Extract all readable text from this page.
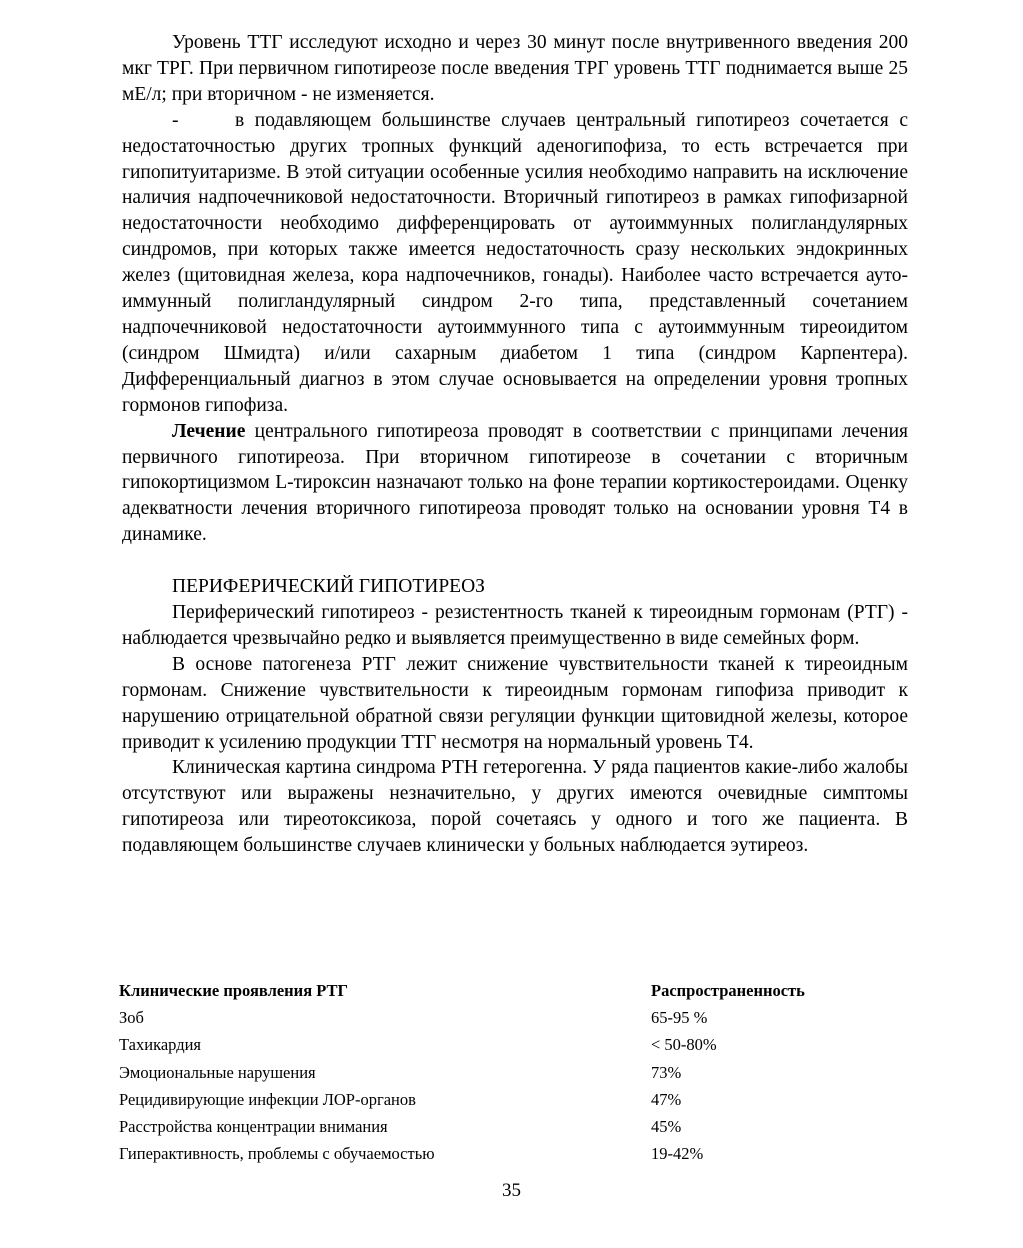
Уровень ТТГ исследуют исходно и через 30 минут после внутривенного введения 200 мкг ТРГ. При первичном гипотиреозе после введения ТРГ уровень ТТГ поднимается выше 25 мЕ/л; при вторичном - не изменяется.

-	в подавляющем большинстве случаев центральный гипотиреоз сочетается с недостаточностью других тропных функций аденогипофиза, то есть встречается при гипопитуитаризме. В этой ситуации особенные усилия необходимо направить на исключение наличия надпочечниковой недостаточности. Вторичный гипотиреоз в рамках гипофизарной недостаточности необходимо дифференцировать от аутоиммунных полигландулярных синдромов, при которых также имеется недостаточность сразу нескольких эндокринных желез (щитовидная железа, кора надпочечников, гонады). Наиболее часто встречается аутоиммунный полигландулярный синдром 2-го типа, представленный сочетанием надпочечниковой недостаточности аутоиммунного типа с аутоиммунным тиреоидитом (синдром Шмидта) и/или сахарным диабетом 1 типа (синдром Карпентера). Дифференциальный диагноз в этом случае основывается на определении уровня тропных гормонов гипофиза.

Лечение центрального гипотиреоза проводят в соответствии с принципами лечения первичного гипотиреоза. При вторичном гипотиреозе в сочетании с вторичным гипокортицизмом L-тироксин назначают только на фоне терапии кортикостероидами. Оценку адекватности лечения вторичного гипотиреоза проводят только на основании уровня Т4 в динамике.

ПЕРИФЕРИЧЕСКИЙ ГИПОТИРЕОЗ

Периферический гипотиреоз - резистентность тканей к тиреоидным гормонам (РТГ) - наблюдается чрезвычайно редко и выявляется преимущественно в виде семейных форм.

В основе патогенеза РТГ лежит снижение чувствительности тканей к тиреоидным гормонам. Снижение чувствительности к тиреоидным гормонам гипофиза приводит к нарушению отрицательной обратной связи регуляции функции щитовидной железы, которое приводит к усилению продукции ТТГ несмотря на нормальный уровень Т4.

Клиническая картина синдрома РТН гетерогенна. У ряда пациентов какие-либо жалобы отсутствуют или выражены незначительно, у других имеются очевидные симптомы гипотиреоза или тиреотоксикоза, порой сочетаясь у одного и того же пациента. В подавляющем большинстве случаев клинически у больных наблюдается эутиреоз.

Клинические проявления РТГ	Распространенность
Зоб	65-95 %
Тахикардия	< 50-80%
Эмоциональные нарушения	73%
Рецидивирующие инфекции ЛОР-органов	47%
Расстройства концентрации внимания	45%
Гиперактивность, проблемы с обучаемостью	19-42%
35
